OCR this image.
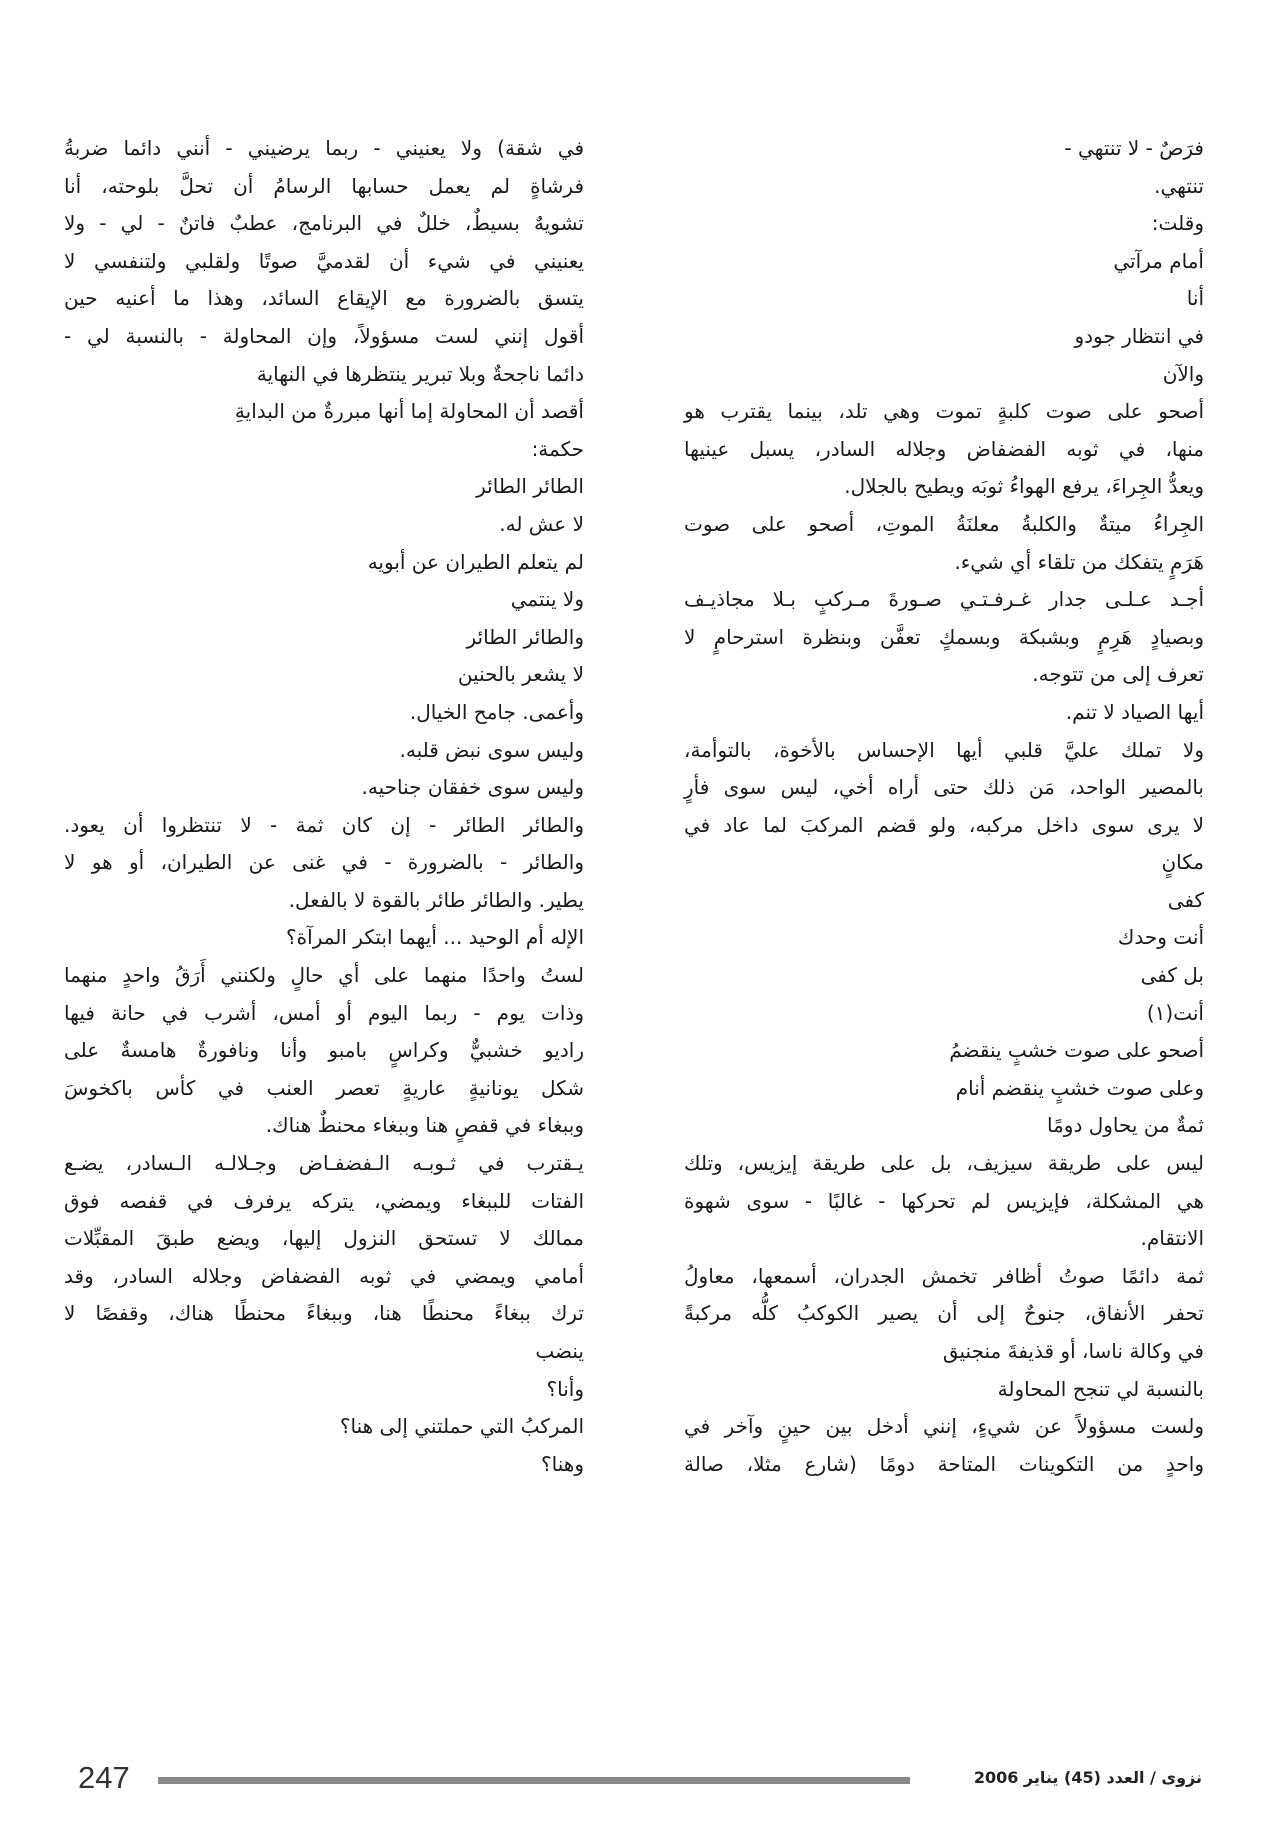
فرَصٌ - لا تنتهي -
تنتهي.
وقلت:
أمام مرآتي
أنا
في انتظار جودو
والآن
أصحو على صوت كلبةٍ تموت وهي تلد، بينما يقترب هو
منها، في ثوبه الفضفاض وجلاله السادر، يسبل عينيها
ويعدُّ الجِراءَ، يرفع الهواءُ ثوبَه ويطيح بالجلال.
الجِراءُ ميتةٌ والكلبةُ معلنَةُ الموتِ، أصحو على صوت
هَرَمٍ يتفكك من تلقاء أي شيء.
أجـد عـلـى جدار غـرفـتـي صـورةَ مـركبٍ بـلا مجاذيـف
وبصيادٍ هَرِمٍ وبشبكة وبسمكٍ تعفَّن وبنظرة استرحامٍ لا
تعرف إلى من تتوجه.
أيها الصياد لا تنم.
ولا تملك عليَّ قلبي أيها الإحساس بالأخوة، بالتوأمة،
بالمصير الواحد، مَن ذلك حتى أراه أخي، ليس سوى فأرٍ
لا يرى سوى داخل مركبه، ولو قضم المركبَ لما عاد في
مكانٍ
كفى
أنت وحدك
بل كفى
أنت(١)
أصحو على صوت خشبٍ ينقضمُ
وعلى صوت خشبٍ ينقضم أنام
ثمةٌ من يحاول دومًا
ليس على طريقة سيزيف، بل على طريقة إيزيس، وتلك
هي المشكلة، فإيزيس لم تحركها - غالبًا - سوى شهوة
الانتقام.
ثمة دائمًا صوتُ أظافر تخمش الجدران، أسمعها، معاولُ
تحفر الأنفاق، جنوحٌ إلى أن يصير الكوكبُ كلُّه مركبةً
في وكالة ناسا، أو قذيفةَ منجنيق
بالنسبة لي تنجح المحاولة
ولست مسؤولاً عن شيءٍ، إنني أدخل بين حينٍ وآخر في
واحدٍ من التكوينات المتاحة دومًا (شارع مثلا، صالة
في شقة) ولا يعنيني - ربما يرضيني - أنني دائما ضربةُ
فرشاةٍ لم يعمل حسابها الرسامُ أن تحلَّ بلوحته، أنا
تشويهٌ بسيطٌ، خللٌ في البرنامج، عطبٌ فاتنٌ - لي - ولا
يعنيني في شيء أن لقدميَّ صوتًا ولقلبي ولتنفسي لا
يتسق بالضرورة مع الإيقاع السائد، وهذا ما أعنيه حين
أقول إنني لست مسؤولاً، وإن المحاولة - بالنسبة لي -
دائما ناجحةٌ وبلا تبرير ينتظرها في النهاية
أقصد أن المحاولة إما أنها مبررةٌ من البدايةِ
حكمة:
الطائر الطائر
لا عش له.
لم يتعلم الطيران عن أبويه
ولا ينتمي
والطائر الطائر
لا يشعر بالحنين
وأعمى. جامح الخيال.
وليس سوى نبض قلبه.
وليس سوى خفقان جناحيه.
والطائر الطائر - إن كان ثمة - لا تنتظروا أن يعود.
والطائر - بالضرورة - في غنى عن الطيران، أو هو لا
يطير. والطائر طائر بالقوة لا بالفعل.
الإله أم الوحيد ... أيهما ابتكر المرآة؟
لستُ واحدًا منهما على أي حالٍ ولكنني أَرَقُ واحدٍ منهما
وذات يوم - ربما اليوم أو أمس، أشرب في حانة فيها
راديو خشبيٌّ وكراسٍ بامبو وأنا ونافورةٌ هامسةٌ على
شكل يونانيةٍ عاريةٍ تعصر العنب في كأس باكخوسَ
وببغاء في قفصٍ هنا وببغاء محنطٌ هناك.
يـقترب في ثـوبـه الـفضفـاض وجـلالـه الـسادر، يضـع
الفتات للببغاء ويمضي، يتركه يرفرف في قفصه فوق
ممالك لا تستحق النزول إليها، ويضع طبقَ المقبِّلات
أمامي ويمضي في ثوبه الفضفاض وجلاله السادر، وقد
ترك ببغاءً محنطًا هنا، وببغاءً محنطًا هناك، وقفصًا لا
ينضب
وأنا؟
المركبُ التي حملتني إلى هنا؟
وهنا؟
247	نزوى / العدد (45) يناير 2006
